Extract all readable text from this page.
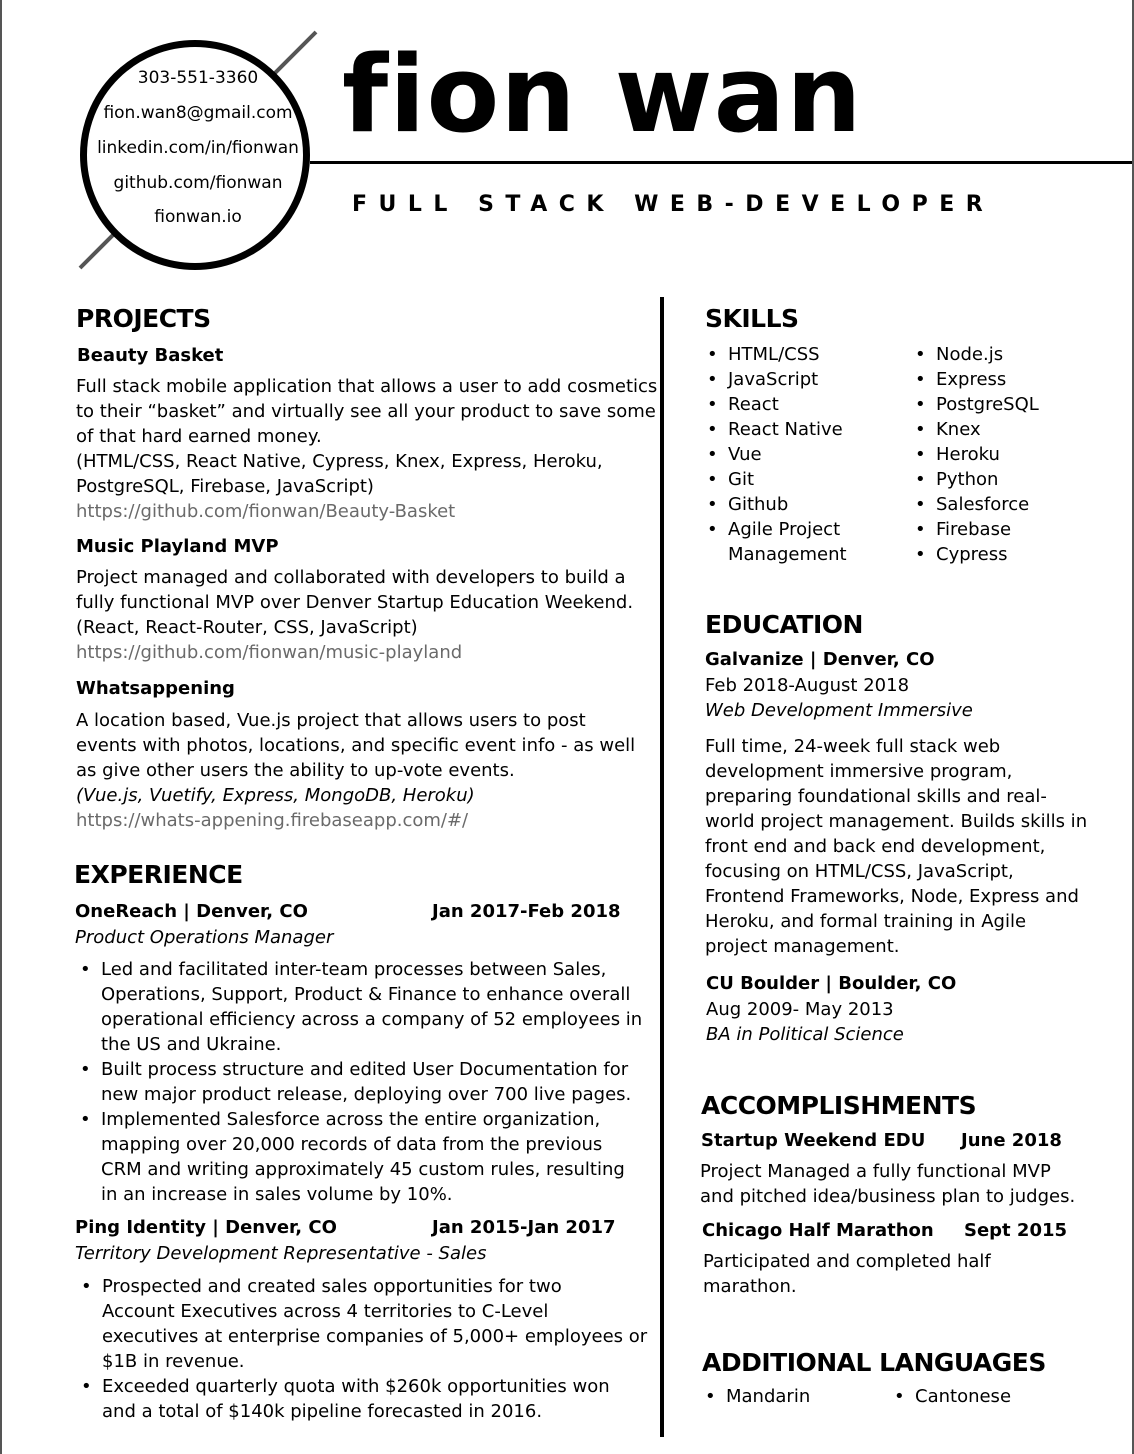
303-551-3360
fion.wan8@gmail.com
linkedin.com/in/fionwan
github.com/fionwan
fionwan.io
fion wan
FULL STACK WEB-DEVELOPER
PROJECTS
Beauty Basket
Full stack mobile application that allows a user to add cosmetics
to their “basket” and virtually see all your product to save some
of that hard earned money.
(HTML/CSS, React Native, Cypress, Knex, Express, Heroku,
PostgreSQL, Firebase, JavaScript)
https://github.com/fionwan/Beauty-Basket
Music Playland MVP
Project managed and collaborated with developers to build a
fully functional MVP over Denver Startup Education Weekend.
(React, React-Router, CSS, JavaScript)
https://github.com/fionwan/music-playland
Whatsappening
A location based, Vue.js project that allows users to post
events with photos, locations, and specific event info - as well
as give other users the ability to up-vote events.
(Vue.js, Vuetify, Express, MongoDB, Heroku)
https://whats-appening.firebaseapp.com/#/
EXPERIENCE
OneReach | Denver, CO	Jan 2017-Feb 2018
Product Operations Manager
• Led and facilitated inter-team processes between Sales,
Operations, Support, Product & Finance to enhance overall
operational efficiency across a company of 52 employees in
the US and Ukraine.
• Built process structure and edited User Documentation for
new major product release, deploying over 700 live pages.
• Implemented Salesforce across the entire organization,
mapping over 20,000 records of data from the previous
CRM and writing approximately 45 custom rules, resulting
in an increase in sales volume by 10%.
Ping Identity | Denver, CO	Jan 2015-Jan 2017
Territory Development Representative - Sales
• Prospected and created sales opportunities for two
Account Executives across 4 territories to C-Level
executives at enterprise companies of 5,000+ employees or
$1B in revenue.
• Exceeded quarterly quota with $260k opportunities won
and a total of $140k pipeline forecasted in 2016.
SKILLS
• HTML/CSS
• JavaScript
• React
• React Native
• Vue
• Git
• Github
• Agile Project
Management
• Node.js
• Express
• PostgreSQL
• Knex
• Heroku
• Python
• Salesforce
• Firebase
• Cypress
EDUCATION
Galvanize | Denver, CO
Feb 2018-August 2018
Web Development Immersive
Full time, 24-week full stack web
development immersive program,
preparing foundational skills and real-
world project management. Builds skills in
front end and back end development,
focusing on HTML/CSS, JavaScript,
Frontend Frameworks, Node, Express and
Heroku, and formal training in Agile
project management.
CU Boulder | Boulder, CO
Aug 2009- May 2013
BA in Political Science
ACCOMPLISHMENTS
Startup Weekend EDU June 2018
Project Managed a fully functional MVP
and pitched idea/business plan to judges.
Chicago Half Marathon Sept 2015
Participated and completed half
marathon.
ADDITIONAL LANGUAGES
• Mandarin
•	Cantonese
